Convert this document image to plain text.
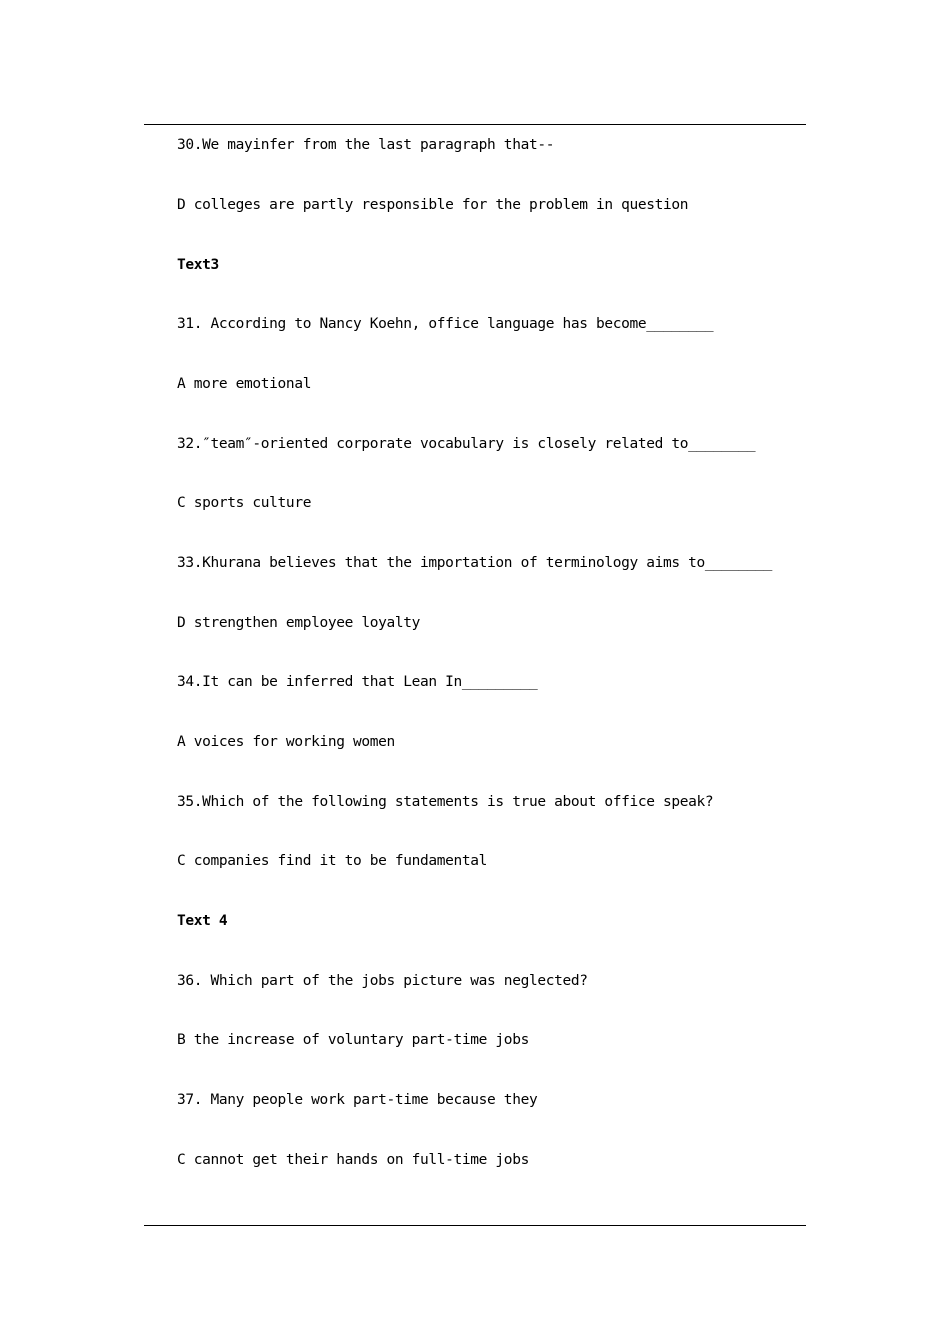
30.We mayinfer from the last paragraph that--
D colleges are partly responsible for the problem in question
Text3
31. According to Nancy Koehn, office language has become________
A more emotional
32.″team″-oriented corporate vocabulary is closely related to________
C sports culture
33.Khurana believes that the importation of terminology aims to________
D strengthen employee loyalty
34.It can be inferred that Lean In_________
A voices for working women
35.Which of the following statements is true about office speak?
C companies find it to be fundamental
Text 4
36. Which part of the jobs picture was neglected?
B the increase of voluntary part-time jobs
37. Many people work part-time because they
C cannot get their hands on full-time jobs
